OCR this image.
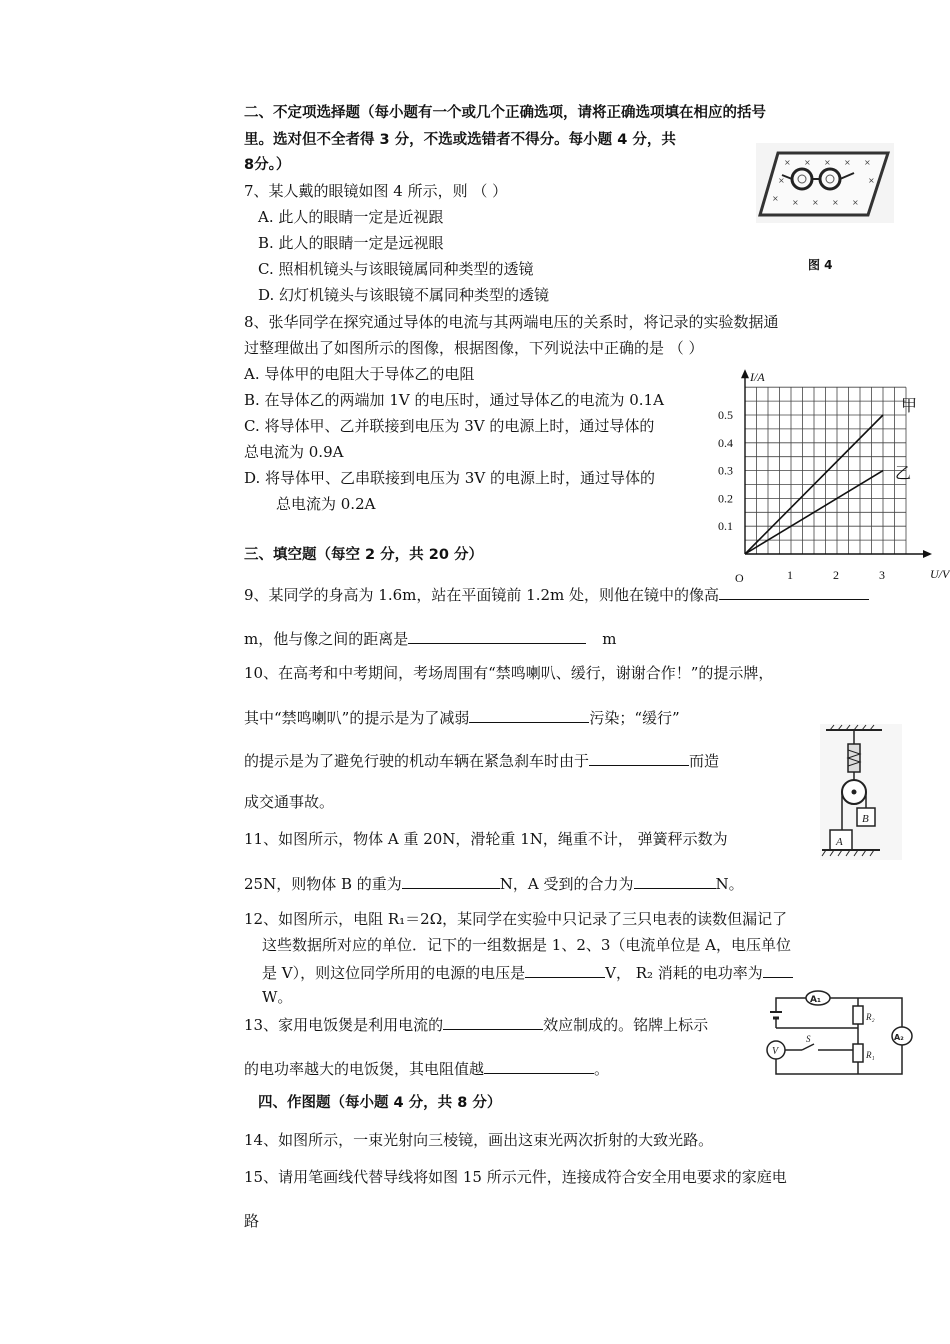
二、不定项选择题（每小题有一个或几个正确选项，请将正确选项填在相应的括号
里。选对但不全者得 3 分，不选或选错者不得分。每小题 4 分，共
8分。）
7、某人戴的眼镜如图 4 所示，则 （ ）
A. 此人的眼睛一定是近视跟
B. 此人的眼睛一定是远视眼
C. 照相机镜头与该眼镜属同种类型的透镜
D. 幻灯机镜头与该眼镜不属同种类型的透镜
× × × × ×
×	×
× × × × ×
图 4
8、张华同学在探究通过导体的电流与其两端电压的关系时，将记录的实验数据通
过整理做出了如图所示的图像，根据图像，下列说法中正确的是 （ ）
A. 导体甲的电阻大于导体乙的电阻
B. 在导体乙的两端加 1V 的电压时，通过导体乙的电流为 0.1A
C. 将导体甲、乙并联接到电压为 3V 的电源上时，通过导体的
总电流为 0.9A
D. 将导体甲、乙串联接到电压为 3V 的电源上时，通过导体的
总电流为 0.2A
I/A
U/V
O	1	2	3
0.1
0.2
0.3
0.4
0.5	甲
乙
三、填空题（每空 2 分，共 20 分）
9、某同学的身高为 1.6m，站在平面镜前 1.2m 处，则他在镜中的像高
m，他与像之间的距离是	m
10、在高考和中考期间，考场周围有“禁鸣喇叭、缓行，谢谢合作！”的提示牌，
其中“禁鸣喇叭”的提示是为了减弱	污染；“缓行”
的提示是为了避免行驶的机动车辆在紧急刹车时由于	而造
成交通事故。
B
A
11、如图所示，物体 A 重 20N，滑轮重 1N，绳重不计， 弹簧秤示数为
25N，则物体 B 的重为	N，A 受到的合力为	N。
12、如图所示，电阻 R₁＝2Ω，某同学在实验中只记录了三只电表的读数但漏记了
这些数据所对应的单位．记下的一组数据是 1、2、3（电流单位是 A，电压单位
是 V），则这位同学所用的电源的电压是	V， R₂ 消耗的电功率为
W。	A₁
A₂
V
S
R₂
R₁
13、家用电饭煲是利用电流的	效应制成的。铭牌上标示
的电功率越大的电饭煲，其电阻值越	。
四、作图题（每小题 4 分，共 8 分）
14、如图所示，一束光射向三棱镜，画出这束光两次折射的大致光路。
15、请用笔画线代替导线将如图 15 所示元件，连接成符合安全用电要求的家庭电
路
